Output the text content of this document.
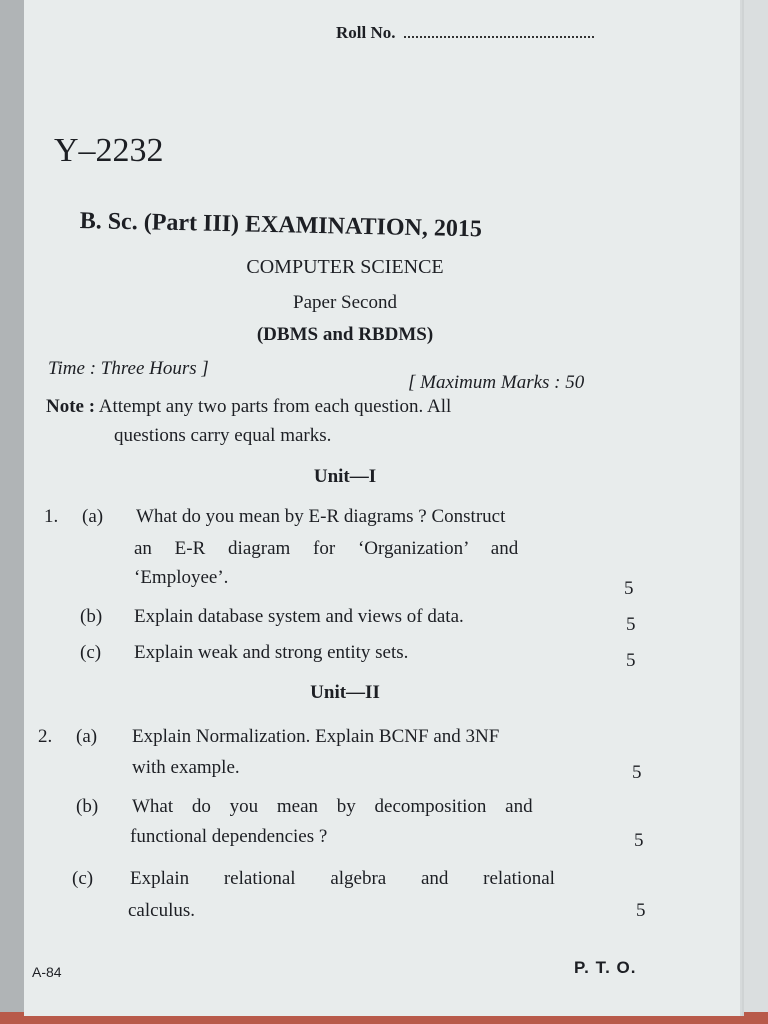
Roll No.
Y–2232
B. Sc. (Part III) EXAMINATION, 2015
COMPUTER SCIENCE
Paper Second
(DBMS and RBDMS)
Time : Three Hours ]
[ Maximum Marks : 50
Note : Attempt any two parts from each question. All
questions carry equal marks.
Unit—I
1. (a) What do you mean by E-R diagrams ? Construct
an E-R diagram for ‘Organization’ and
‘Employee’.
5
(b) Explain database system and views of data.	5
(c) Explain weak and strong entity sets.	5
Unit—II
2. (a) Explain Normalization. Explain BCNF and 3NF
with example.	5
(b) What do you mean by decomposition and
functional dependencies ?	5
(c) Explain relational algebra and relational
calculus.	5
A-84	P. T. O.
